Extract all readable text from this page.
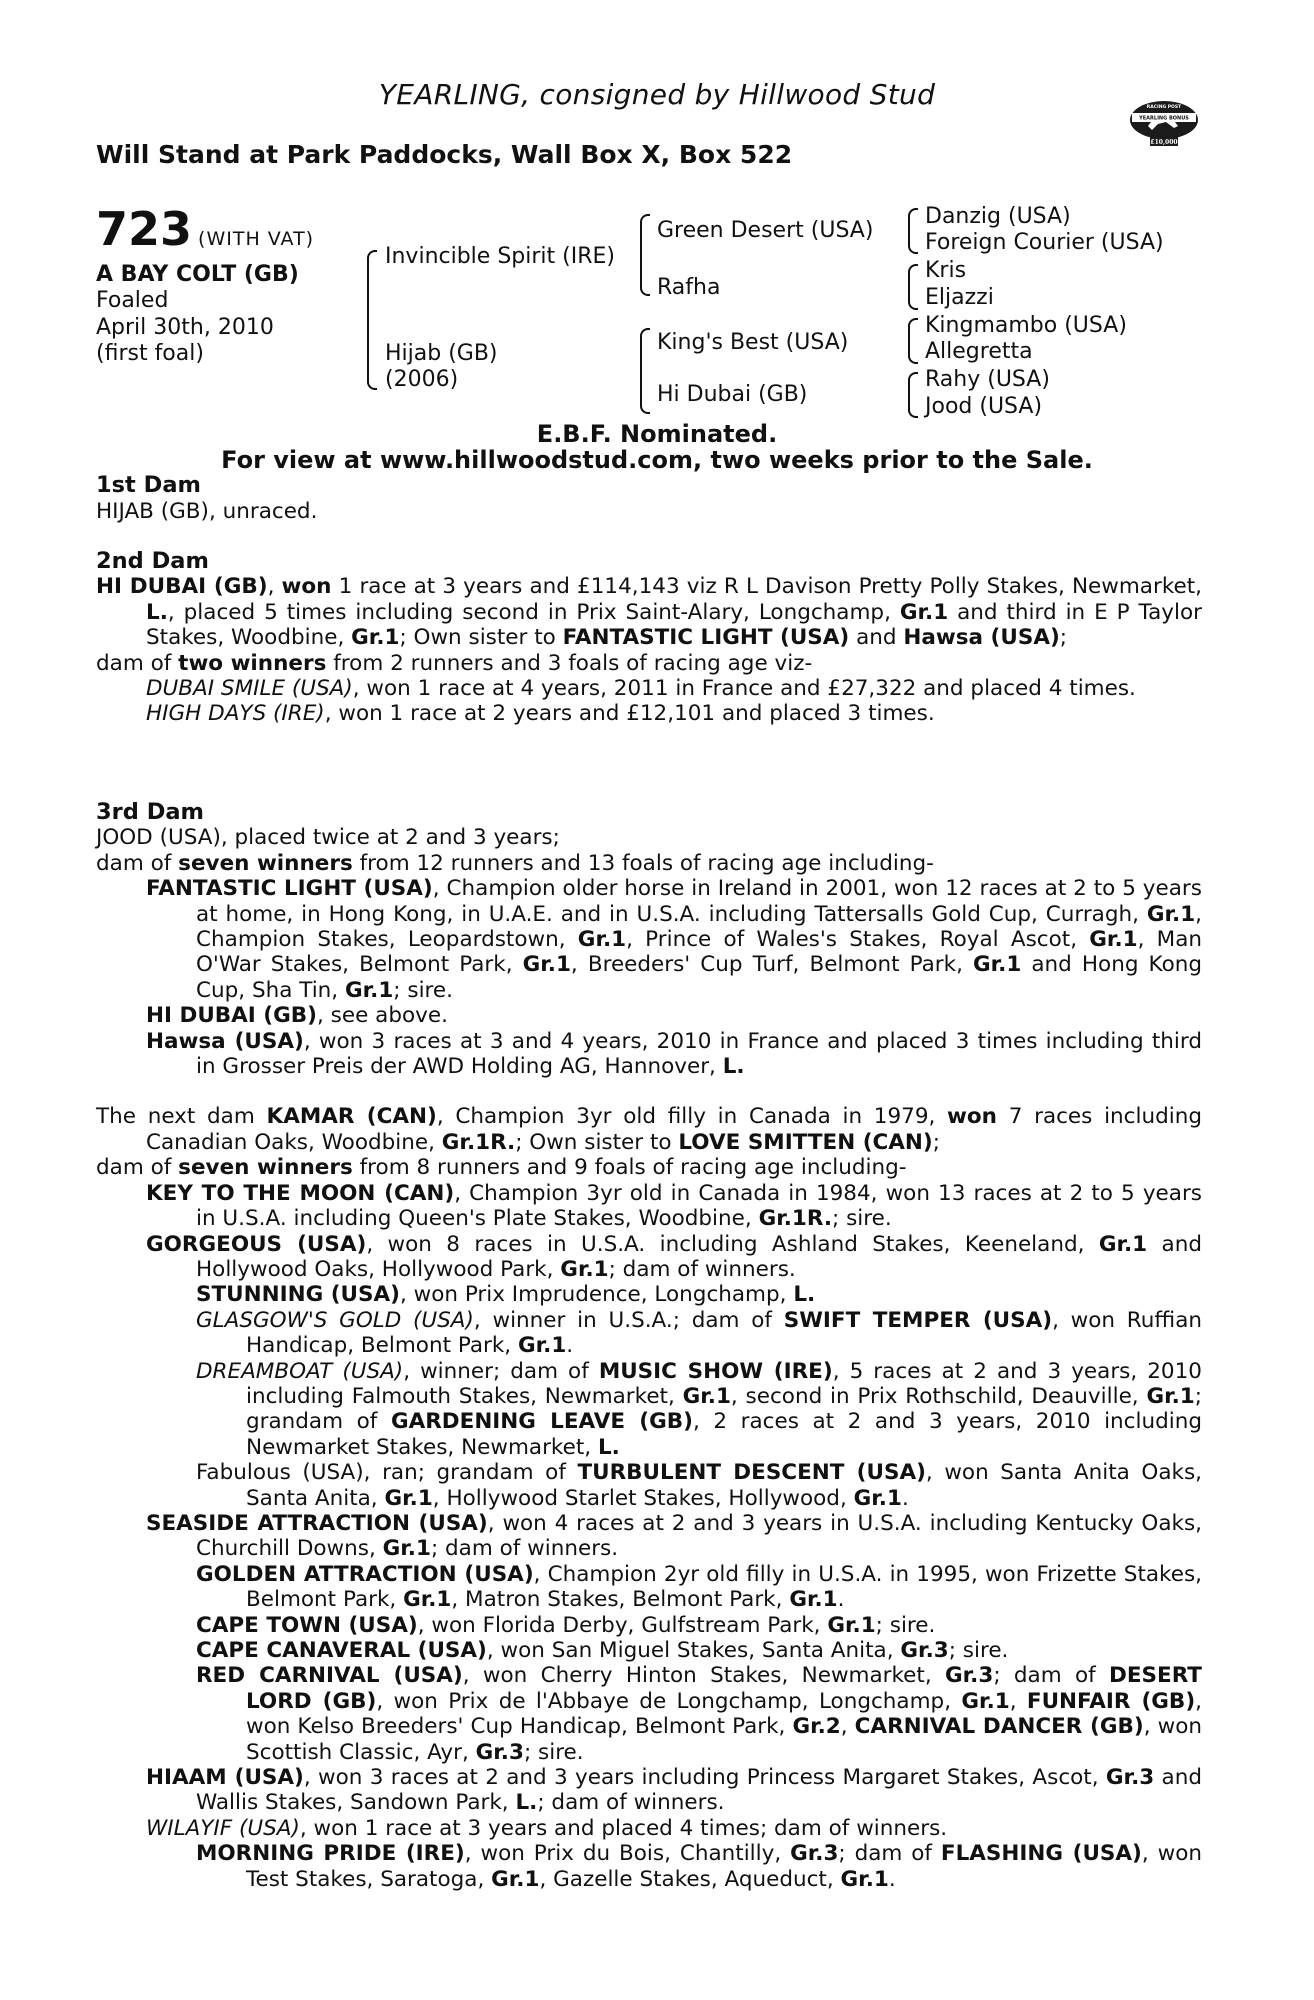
YEARLING, consigned by Hillwood Stud
Will Stand at Park Paddocks, Wall Box X, Box 522
RACING POST
YEARLING BONUS
£10,000
723 (WITH VAT)
A BAY COLT (GB)
Foaled
April 30th, 2010
(first foal)
Invincible Spirit (IRE)
Hijab (GB)
(2006)
Green Desert (USA)
Rafha
King's Best (USA)
Hi Dubai (GB)
Danzig (USA)
Foreign Courier (USA)
Kris
Eljazzi
Kingmambo (USA)
Allegretta
Rahy (USA)
Jood (USA)
E.B.F. Nominated.
For view at www.hillwoodstud.com, two weeks prior to the Sale.
1st Dam
HIJAB (GB), unraced.

2nd Dam

HI DUBAI (GB), won 1 race at 3 years and £114,143 viz R L Davison Pretty Polly Stakes, Newmarket, L., placed 5 times including second in Prix Saint-Alary, Longchamp, Gr.1 and third in E P Taylor Stakes, Woodbine, Gr.1; Own sister to FANTASTIC LIGHT (USA) and Hawsa (USA);

dam of two winners from 2 runners and 3 foals of racing age viz-

DUBAI SMILE (USA), won 1 race at 4 years, 2011 in France and £27,322 and placed 4 times.

HIGH DAYS (IRE), won 1 race at 2 years and £12,101 and placed 3 times.

3rd Dam

JOOD (USA), placed twice at 2 and 3 years;

dam of seven winners from 12 runners and 13 foals of racing age including-

FANTASTIC LIGHT (USA), Champion older horse in Ireland in 2001, won 12 races at 2 to 5 years at home, in Hong Kong, in U.A.E. and in U.S.A. including Tattersalls Gold Cup, Curragh, Gr.1, Champion Stakes, Leopardstown, Gr.1, Prince of Wales's Stakes, Royal Ascot, Gr.1, Man O'War Stakes, Belmont Park, Gr.1, Breeders' Cup Turf, Belmont Park, Gr.1 and Hong Kong Cup, Sha Tin, Gr.1; sire.

HI DUBAI (GB), see above.

Hawsa (USA), won 3 races at 3 and 4 years, 2010 in France and placed 3 times including third in Grosser Preis der AWD Holding AG, Hannover, L.

The next dam KAMAR (CAN), Champion 3yr old filly in Canada in 1979, won 7 races including Canadian Oaks, Woodbine, Gr.1R.; Own sister to LOVE SMITTEN (CAN);

dam of seven winners from 8 runners and 9 foals of racing age including-

KEY TO THE MOON (CAN), Champion 3yr old in Canada in 1984, won 13 races at 2 to 5 years in U.S.A. including Queen's Plate Stakes, Woodbine, Gr.1R.; sire.

GORGEOUS (USA), won 8 races in U.S.A. including Ashland Stakes, Keeneland, Gr.1 and Hollywood Oaks, Hollywood Park, Gr.1; dam of winners.

STUNNING (USA), won Prix Imprudence, Longchamp, L.

GLASGOW'S GOLD (USA), winner in U.S.A.; dam of SWIFT TEMPER (USA), won Ruffian Handicap, Belmont Park, Gr.1.

DREAMBOAT (USA), winner; dam of MUSIC SHOW (IRE), 5 races at 2 and 3 years, 2010 including Falmouth Stakes, Newmarket, Gr.1, second in Prix Rothschild, Deauville, Gr.1; grandam of GARDENING LEAVE (GB), 2 races at 2 and 3 years, 2010 including Newmarket Stakes, Newmarket, L.

Fabulous (USA), ran; grandam of TURBULENT DESCENT (USA), won Santa Anita Oaks, Santa Anita, Gr.1, Hollywood Starlet Stakes, Hollywood, Gr.1.

SEASIDE ATTRACTION (USA), won 4 races at 2 and 3 years in U.S.A. including Kentucky Oaks, Churchill Downs, Gr.1; dam of winners.

GOLDEN ATTRACTION (USA), Champion 2yr old filly in U.S.A. in 1995, won Frizette Stakes, Belmont Park, Gr.1, Matron Stakes, Belmont Park, Gr.1.

CAPE TOWN (USA), won Florida Derby, Gulfstream Park, Gr.1; sire.

CAPE CANAVERAL (USA), won San Miguel Stakes, Santa Anita, Gr.3; sire.

RED CARNIVAL (USA), won Cherry Hinton Stakes, Newmarket, Gr.3; dam of DESERT LORD (GB), won Prix de l'Abbaye de Longchamp, Longchamp, Gr.1, FUNFAIR (GB), won Kelso Breeders' Cup Handicap, Belmont Park, Gr.2, CARNIVAL DANCER (GB), won Scottish Classic, Ayr, Gr.3; sire.

HIAAM (USA), won 3 races at 2 and 3 years including Princess Margaret Stakes, Ascot, Gr.3 and Wallis Stakes, Sandown Park, L.; dam of winners.

WILAYIF (USA), won 1 race at 3 years and placed 4 times; dam of winners.

MORNING PRIDE (IRE), won Prix du Bois, Chantilly, Gr.3; dam of FLASHING (USA), won Test Stakes, Saratoga, Gr.1, Gazelle Stakes, Aqueduct, Gr.1.
